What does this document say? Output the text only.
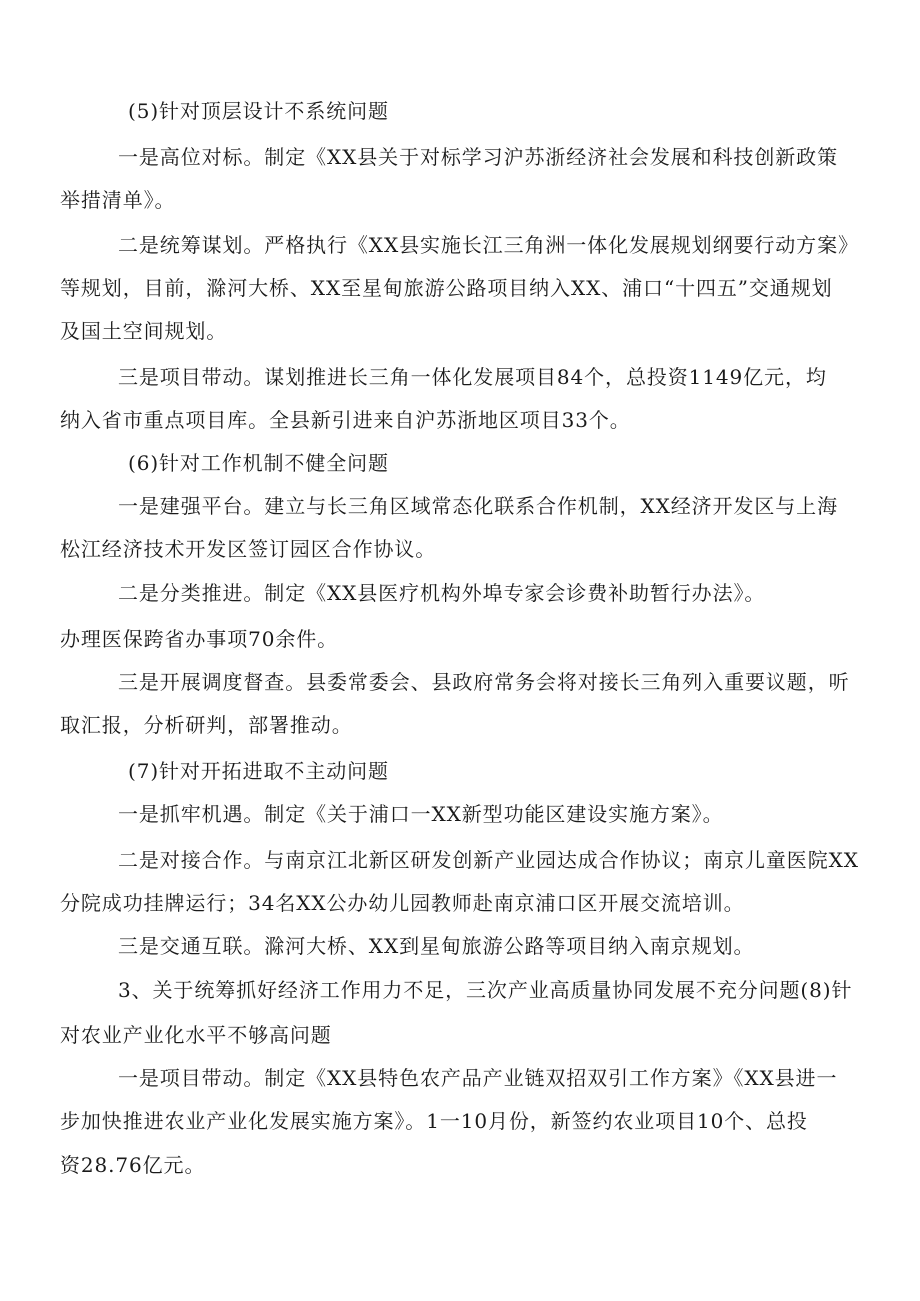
(5)针对顶层设计不系统问题
一是高位对标。制定《XX县关于对标学习沪苏浙经济社会发展和科技创新政策
举措清单》。
二是统筹谋划。严格执行《XX县实施长江三角洲一体化发展规划纲要行动方案》
等规划，目前，滁河大桥、XX至星甸旅游公路项目纳入XX、浦口“十四五”交通规划
及国土空间规划。
三是项目带动。谋划推进长三角一体化发展项目84个，总投资1149亿元，均
纳入省市重点项目库。全县新引进来自沪苏浙地区项目33个。
(6)针对工作机制不健全问题
一是建强平台。建立与长三角区域常态化联系合作机制，XX经济开发区与上海
松江经济技术开发区签订园区合作协议。
二是分类推进。制定《XX县医疗机构外埠专家会诊费补助暂行办法》。
办理医保跨省办事项70余件。
三是开展调度督查。县委常委会、县政府常务会将对接长三角列入重要议题，听
取汇报，分析研判，部署推动。
(7)针对开拓进取不主动问题
一是抓牢机遇。制定《关于浦口一XX新型功能区建设实施方案》。
二是对接合作。与南京江北新区研发创新产业园达成合作协议；南京儿童医院XX
分院成功挂牌运行；34名XX公办幼儿园教师赴南京浦口区开展交流培训。
三是交通互联。滁河大桥、XX到星甸旅游公路等项目纳入南京规划。
3、关于统筹抓好经济工作用力不足，三次产业高质量协同发展不充分问题(8)针
对农业产业化水平不够高问题
一是项目带动。制定《XX县特色农产品产业链双招双引工作方案》《XX县进一
步加快推进农业产业化发展实施方案》。1一10月份，新签约农业项目10个、总投
资28.76亿元。
